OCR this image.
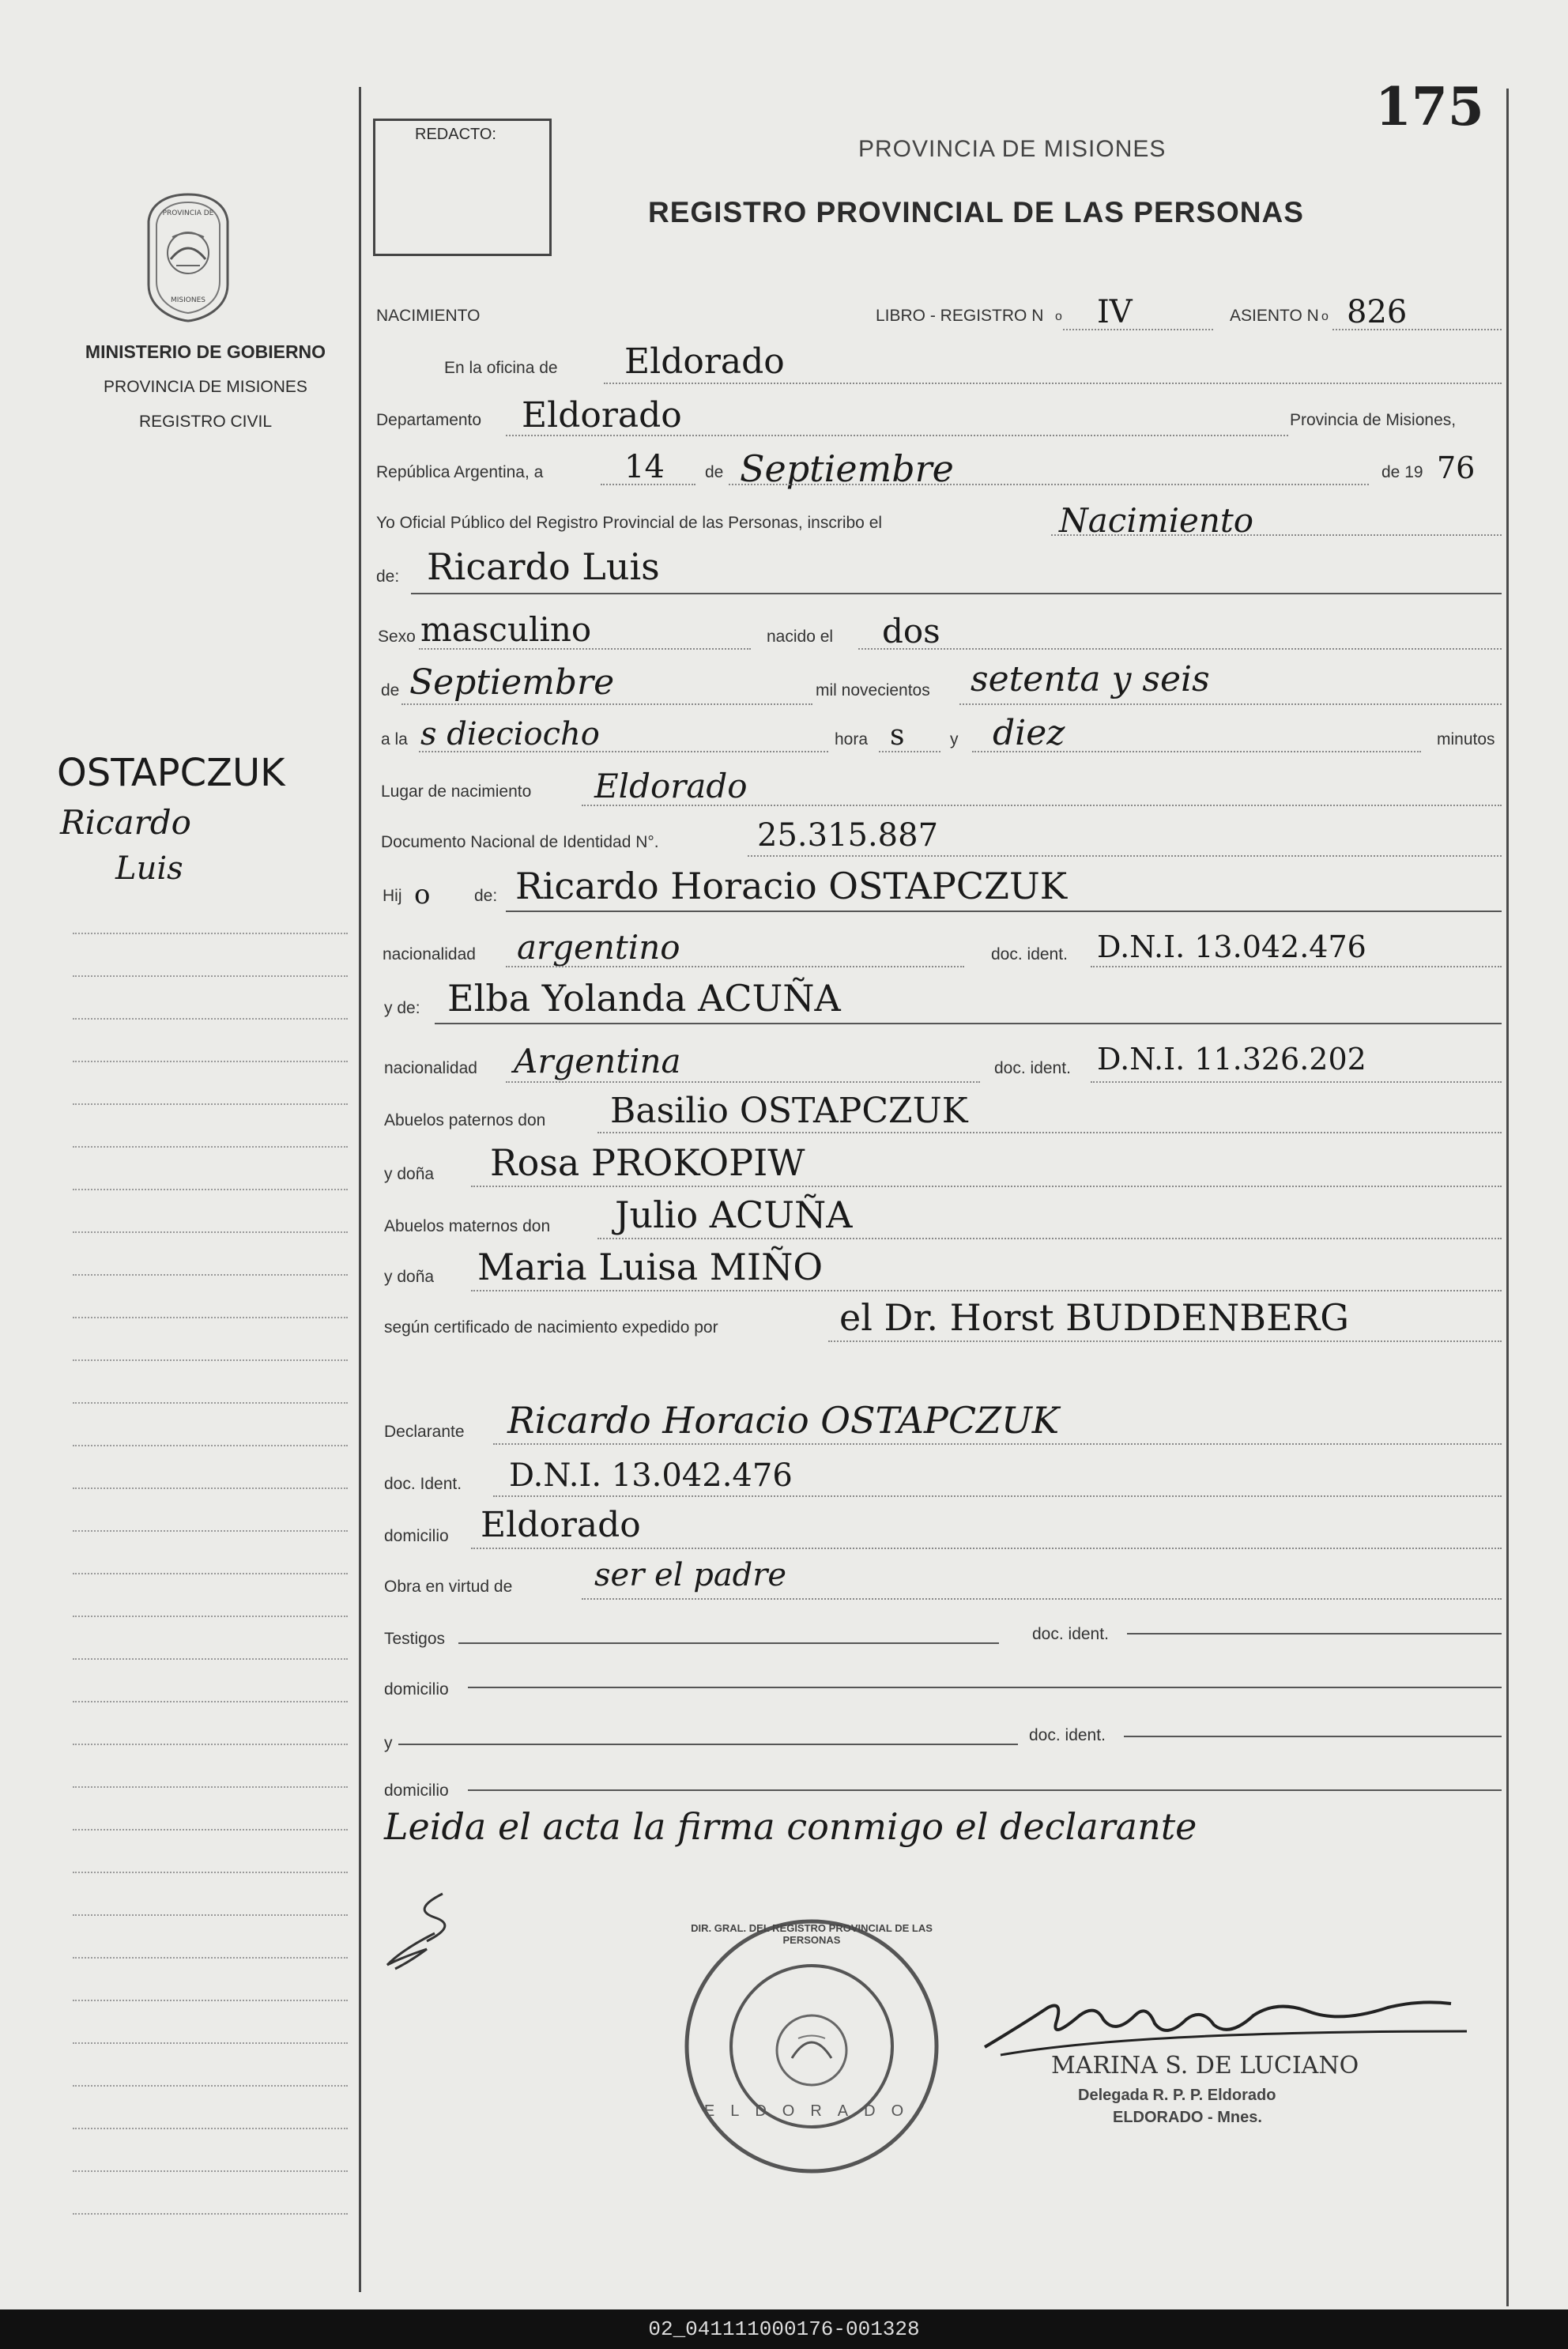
PROVINCIA DE
MISIONES
MINISTERIO DE GOBIERNO
PROVINCIA DE MISIONES
REGISTRO CIVIL
OSTAPCZUK
Ricardo
Luis
175
REDACTO:
PROVINCIA DE MISIONES
REGISTRO PROVINCIAL DE LAS PERSONAS
NACIMIENTO	LIBRO - REGISTRO N o IV	ASIENTO N o 826
En la oficina de Eldorado
Departamento Eldorado	Provincia de Misiones,
República Argentina, a	14 de Septiembre	de 19 76
Yo Oficial Público del Registro Provincial de las Personas, inscribo el	Nacimiento
de: Ricardo Luis
Sexo masculino	nacido el dos
de Septiembre	mil novecientos setenta y seis
a la s dieciocho	hora s	y diez	minutos
Lugar de nacimiento Eldorado
Documento Nacional de Identidad N°.	25.315.887
Hij o	de: Ricardo Horacio OSTAPCZUK
nacionalidad argentino	doc. ident. D.N.I. 13.042.476
y de: Elba Yolanda ACUÑA
nacionalidad Argentina	doc. ident. D.N.I. 11.326.202
Abuelos paternos don Basilio OSTAPCZUK
y doña Rosa PROKOPIW
Abuelos maternos don Julio ACUÑA
y doña Maria Luisa MIÑO
según certificado de nacimiento expedido por	el Dr. Horst BUDDENBERG
Declarante Ricardo Horacio OSTAPCZUK
doc. Ident. D.N.I. 13.042.476
domicilio Eldorado
Obra en virtud de	ser el padre
Testigos	doc. ident.
domicilio
y	doc. ident.
domicilio
Leida el acta la firma conmigo el declarante
ELDORADO
DIR. GRAL. DEL REGISTRO PROVINCIAL DE LAS PERSONAS
MARINA S. DE LUCIANO
Delegada R. P. P. Eldorado
ELDORADO - Mnes.
02_041111000176-001328
